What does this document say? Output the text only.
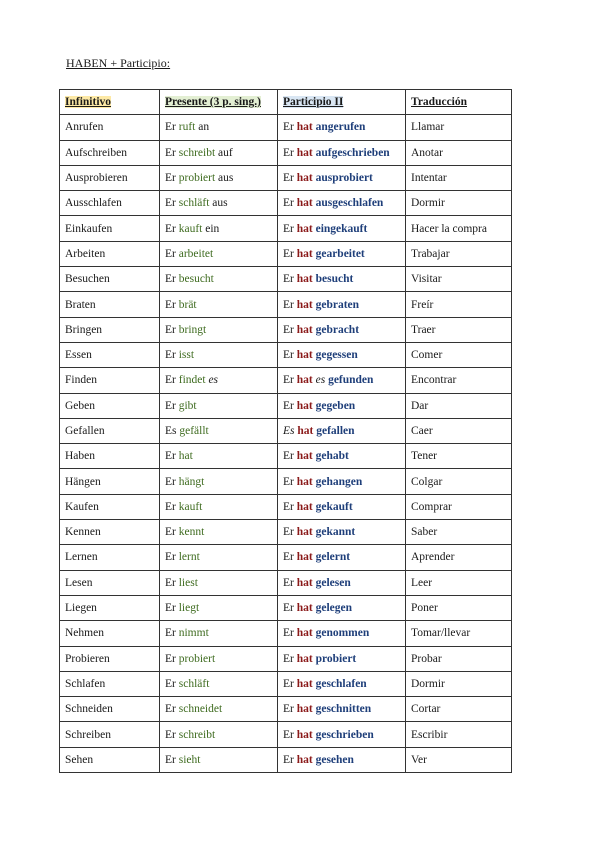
HABEN + Participio:
Infinitivo	Presente (3 p. sing.)	Participio II	Traducción
Anrufen	Er ruft an	Er hat angerufen	Llamar
Aufschreiben	Er schreibt auf	Er hat aufgeschrieben	Anotar
Ausprobieren	Er probiert aus	Er hat ausprobiert	Intentar
Ausschlafen	Er schläft aus	Er hat ausgeschlafen	Dormir
Einkaufen	Er kauft ein	Er hat eingekauft	Hacer la compra
Arbeiten	Er arbeitet	Er hat gearbeitet	Trabajar
Besuchen	Er besucht	Er hat besucht	Visitar
Braten	Er brät	Er hat gebraten	Freír
Bringen	Er bringt	Er hat gebracht	Traer
Essen	Er isst	Er hat gegessen	Comer
Finden	Er findet es	Er hat es gefunden	Encontrar
Geben	Er gibt	Er hat gegeben	Dar
Gefallen	Es gefällt	Es hat gefallen	Caer
Haben	Er hat	Er hat gehabt	Tener
Hängen	Er hängt	Er hat gehangen	Colgar
Kaufen	Er kauft	Er hat gekauft	Comprar
Kennen	Er kennt	Er hat gekannt	Saber
Lernen	Er lernt	Er hat gelernt	Aprender
Lesen	Er liest	Er hat gelesen	Leer
Liegen	Er liegt	Er hat gelegen	Poner
Nehmen	Er nimmt	Er hat genommen	Tomar/llevar
Probieren	Er probiert	Er hat probiert	Probar
Schlafen	Er schläft	Er hat geschlafen	Dormir
Schneiden	Er schneidet	Er hat geschnitten	Cortar
Schreiben	Er schreibt	Er hat geschrieben	Escribir
Sehen	Er sieht	Er hat gesehen	Ver
